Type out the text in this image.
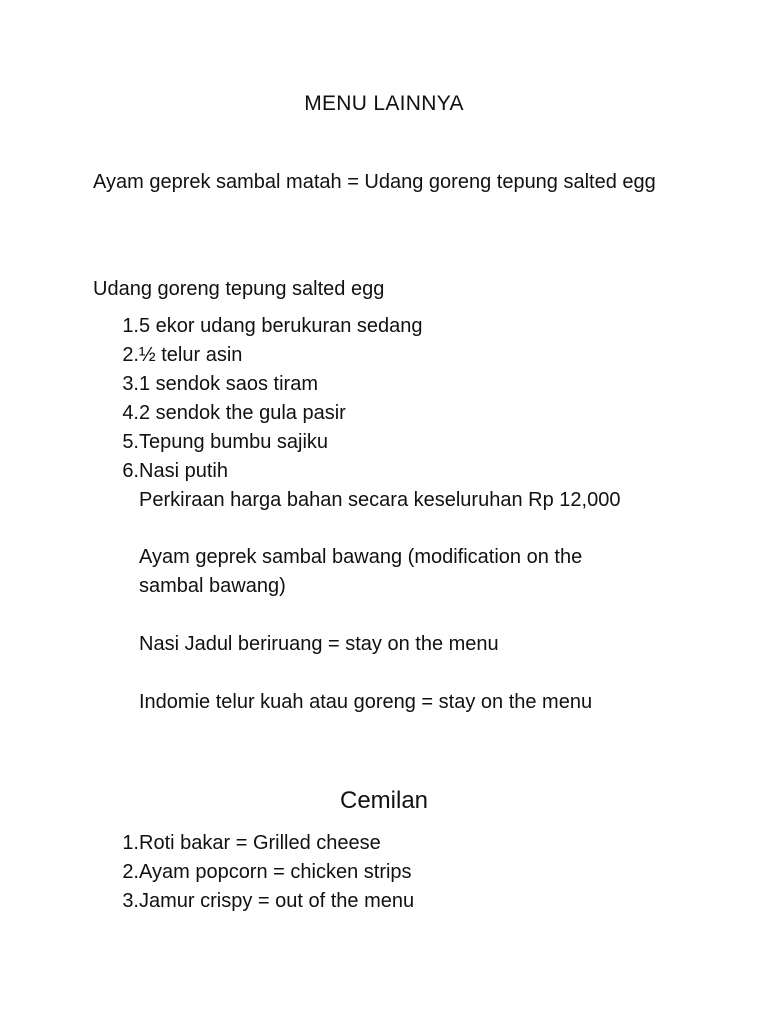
MENU LAINNYA
Ayam geprek sambal matah = Udang goreng tepung salted egg
Udang goreng tepung salted egg
1. 5 ekor udang berukuran sedang
2. ½ telur asin
3. 1 sendok saos tiram
4. 2 sendok the gula pasir
5. Tepung bumbu sajiku
6. Nasi putih
Perkiraan harga bahan secara keseluruhan Rp 12,000
Ayam geprek sambal bawang (modification on the sambal bawang)
Nasi Jadul beriruang = stay on the menu
Indomie telur kuah atau goreng = stay on the menu
Cemilan
1. Roti bakar = Grilled cheese
2. Ayam popcorn = chicken strips
3. Jamur crispy = out of the menu
